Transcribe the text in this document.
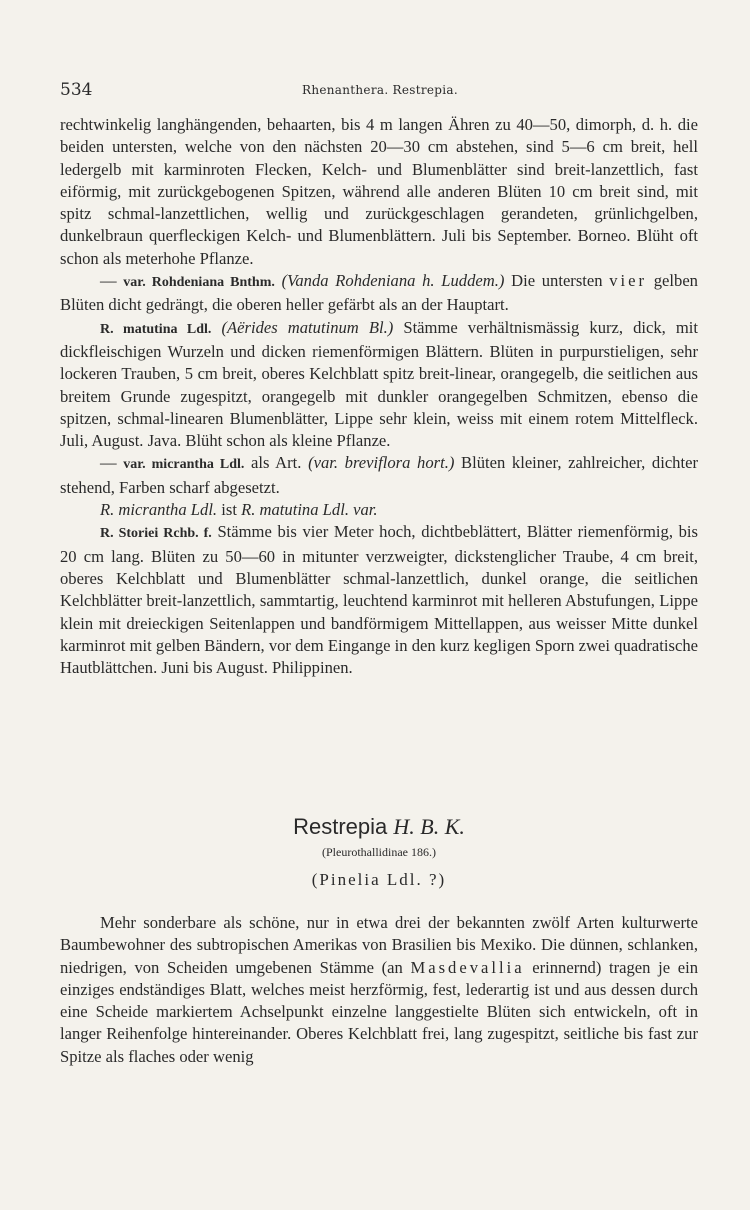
534	Rhenanthera. Restrepia.

rechtwinkelig langhängenden, behaarten, bis 4 m langen Ähren zu 40—50, dimorph, d. h. die beiden untersten, welche von den nächsten 20—30 cm abstehen, sind 5—6 cm breit, hell ledergelb mit karminroten Flecken, Kelch- und Blumenblätter sind breit-lanzettlich, fast eiförmig, mit zurückgebogenen Spitzen, während alle anderen Blüten 10 cm breit sind, mit spitz schmal-lanzettlichen, wellig und zurückgeschlagen gerandeten, grünlichgelben, dunkelbraun querfleckigen Kelch- und Blumenblättern. Juli bis September. Borneo. Blüht oft schon als meterhohe Pflanze.

— var. Rohdeniana Bnthm. (Vanda Rohdeniana h. Luddem.) Die untersten vier gelben Blüten dicht gedrängt, die oberen heller gefärbt als an der Hauptart.

R. matutina Ldl. (Aërides matutinum Bl.) Stämme verhältnismässig kurz, dick, mit dickfleischigen Wurzeln und dicken riemenförmigen Blättern. Blüten in purpurstieligen, sehr lockeren Trauben, 5 cm breit, oberes Kelchblatt spitz breit-linear, orangegelb, die seitlichen aus breitem Grunde zugespitzt, orangegelb mit dunkler orangegelben Schmitzen, ebenso die spitzen, schmal-linearen Blumenblätter, Lippe sehr klein, weiss mit einem rotem Mittelfleck. Juli, August. Java. Blüht schon als kleine Pflanze.

— var. micrantha Ldl. als Art. (var. breviflora hort.) Blüten kleiner, zahlreicher, dichter stehend, Farben scharf abgesetzt.

R. micrantha Ldl. ist R. matutina Ldl. var.

R. Storiei Rchb. f. Stämme bis vier Meter hoch, dichtbeblättert, Blätter riemenförmig, bis 20 cm lang. Blüten zu 50—60 in mitunter verzweigter, dickstenglicher Traube, 4 cm breit, oberes Kelchblatt und Blumenblätter schmal-lanzettlich, dunkel orange, die seitlichen Kelchblätter breit-lanzettlich, sammtartig, leuchtend karminrot mit helleren Abstufungen, Lippe klein mit dreieckigen Seitenlappen und bandförmigem Mittellappen, aus weisser Mitte dunkel karminrot mit gelben Bändern, vor dem Eingange in den kurz kegligen Sporn zwei quadratische Hautblättchen. Juni bis August. Philippinen.

Restrepia H. B. K.
(Pleurothallidinae 186.)
(Pinelia Ldl. ?)

Mehr sonderbare als schöne, nur in etwa drei der bekannten zwölf Arten kulturwerte Baumbewohner des subtropischen Amerikas von Brasilien bis Mexiko. Die dünnen, schlanken, niedrigen, von Scheiden umgebenen Stämme (an Masdevallia erinnernd) tragen je ein einziges endständiges Blatt, welches meist herzförmig, fest, lederartig ist und aus dessen durch eine Scheide markiertem Achselpunkt einzelne langgestielte Blüten sich entwickeln, oft in langer Reihenfolge hintereinander. Oberes Kelchblatt frei, lang zugespitzt, seitliche bis fast zur Spitze als flaches oder wenig
